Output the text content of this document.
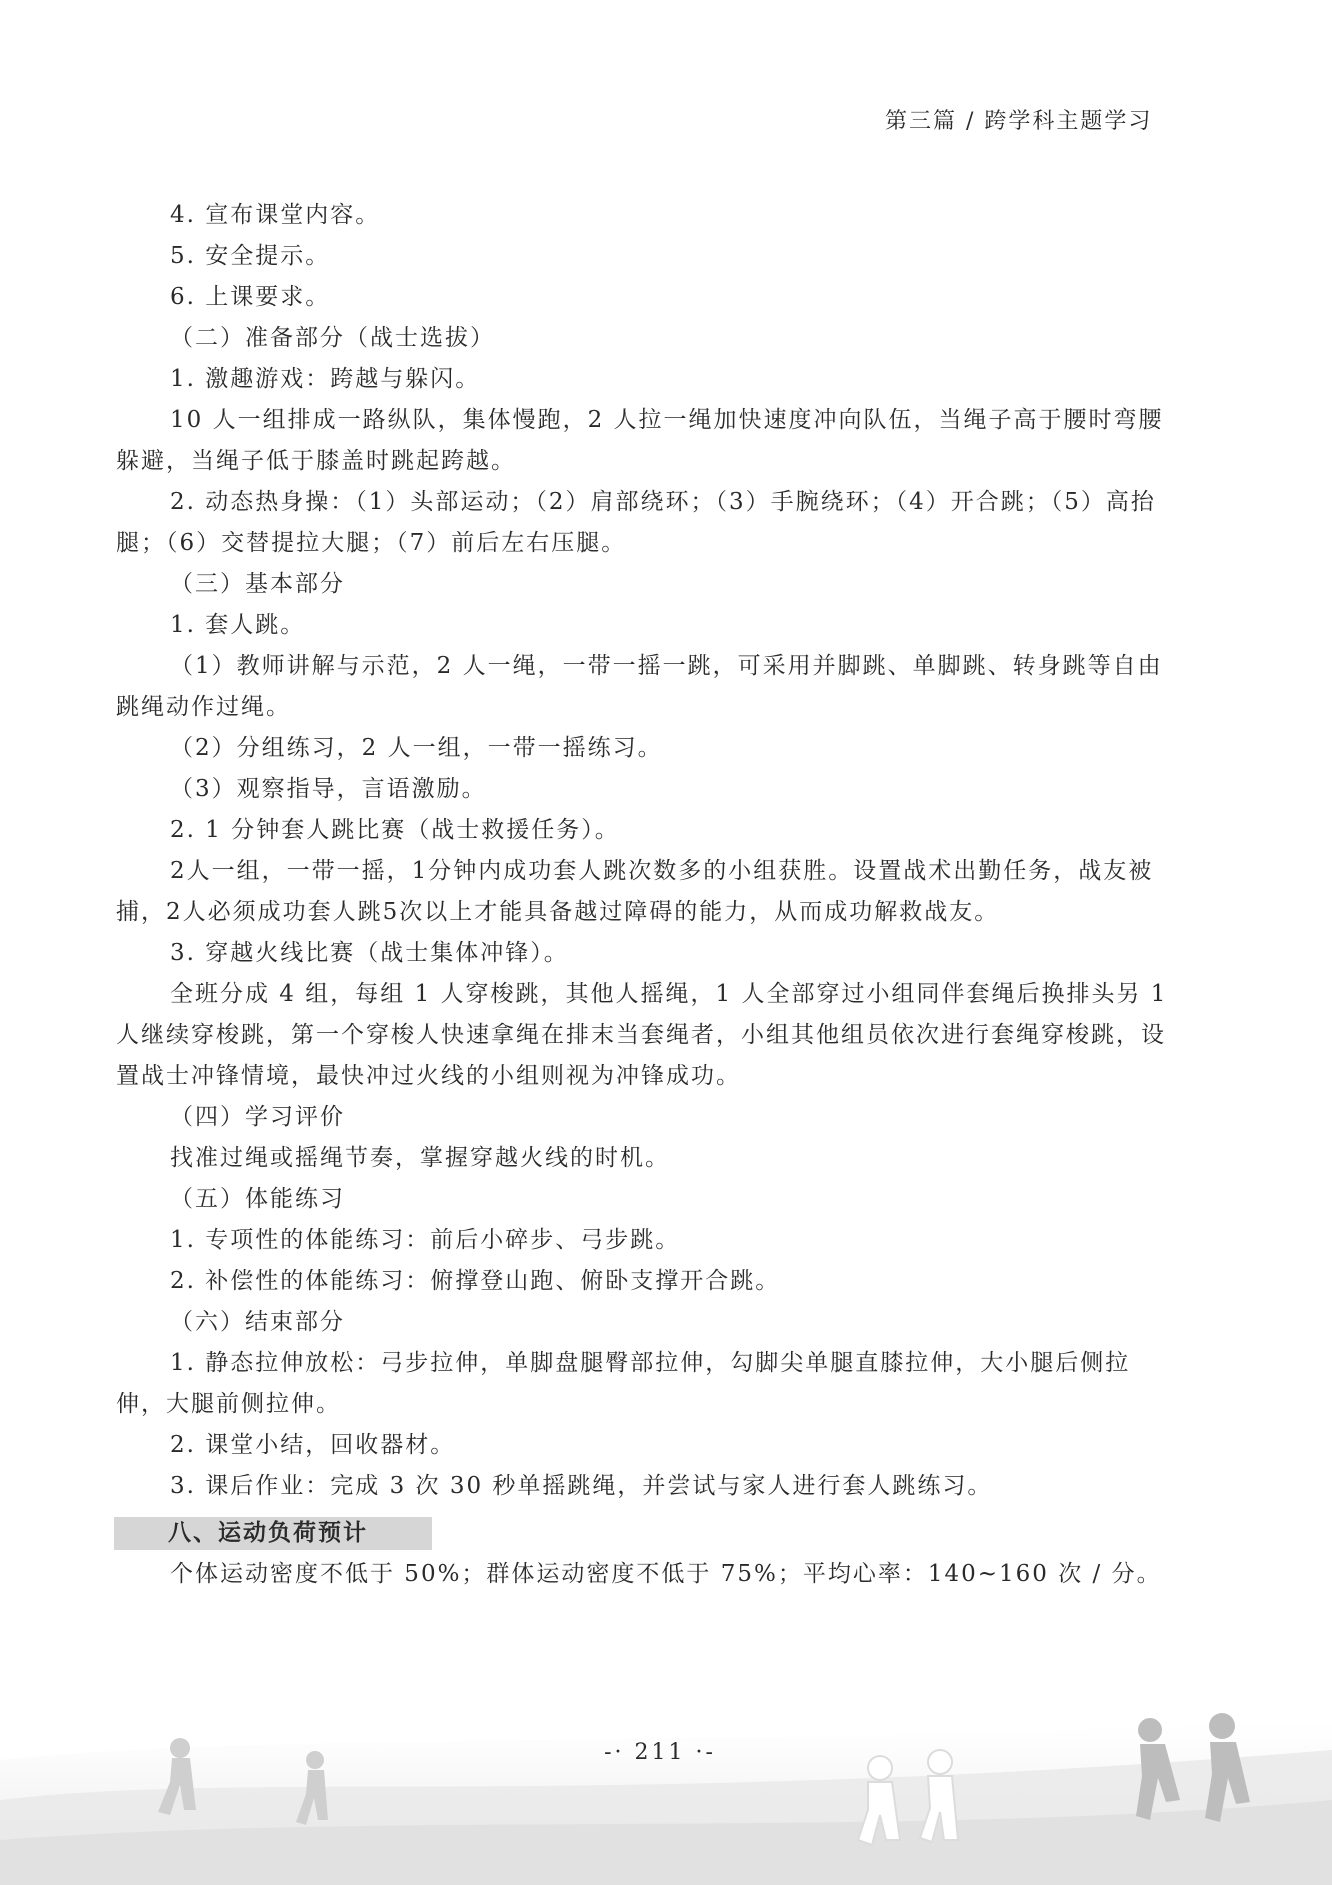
第三篇 / 跨学科主题学习

4. 宣布课堂内容。

5. 安全提示。

6. 上课要求。

（二）准备部分（战士选拔）

1. 激趣游戏：跨越与躲闪。

10 人一组排成一路纵队，集体慢跑，2 人拉一绳加快速度冲向队伍，当绳子高于腰时弯腰躲避，当绳子低于膝盖时跳起跨越。

2. 动态热身操：（1）头部运动；（2）肩部绕环；（3）手腕绕环；（4）开合跳；（5）高抬腿；（6）交替提拉大腿；（7）前后左右压腿。

（三）基本部分

1. 套人跳。

（1）教师讲解与示范，2 人一绳，一带一摇一跳，可采用并脚跳、单脚跳、转身跳等自由跳绳动作过绳。

（2）分组练习，2 人一组，一带一摇练习。

（3）观察指导，言语激励。

2. 1 分钟套人跳比赛（战士救援任务）。

2人一组，一带一摇，1分钟内成功套人跳次数多的小组获胜。设置战术出勤任务，战友被捕，2人必须成功套人跳5次以上才能具备越过障碍的能力，从而成功解救战友。

3. 穿越火线比赛（战士集体冲锋）。

全班分成 4 组，每组 1 人穿梭跳，其他人摇绳，1 人全部穿过小组同伴套绳后换排头另 1 人继续穿梭跳，第一个穿梭人快速拿绳在排末当套绳者，小组其他组员依次进行套绳穿梭跳，设置战士冲锋情境，最快冲过火线的小组则视为冲锋成功。

（四）学习评价

找准过绳或摇绳节奏，掌握穿越火线的时机。

（五）体能练习

1. 专项性的体能练习：前后小碎步、弓步跳。

2. 补偿性的体能练习：俯撑登山跑、俯卧支撑开合跳。

（六）结束部分

1. 静态拉伸放松：弓步拉伸，单脚盘腿臀部拉伸，勾脚尖单腿直膝拉伸，大小腿后侧拉伸，大腿前侧拉伸。

2. 课堂小结，回收器材。

3. 课后作业：完成 3 次 30 秒单摇跳绳，并尝试与家人进行套人跳练习。

八、运动负荷预计

个体运动密度不低于 50%；群体运动密度不低于 75%；平均心率：140~160 次 / 分。

-· 211 ·-
